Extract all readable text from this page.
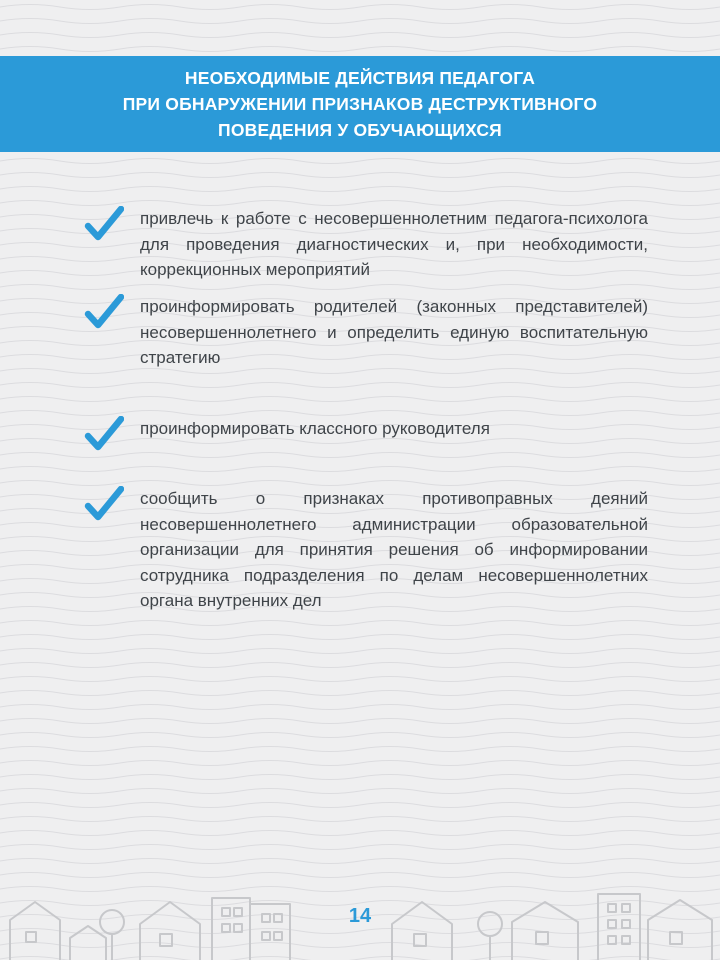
НЕОБХОДИМЫЕ ДЕЙСТВИЯ ПЕДАГОГА
ПРИ ОБНАРУЖЕНИИ ПРИЗНАКОВ ДЕСТРУКТИВНОГО
ПОВЕДЕНИЯ У ОБУЧАЮЩИХСЯ
привлечь к работе с несовершеннолетним педагога-психолога для проведения диагностических и, при необходимости, коррекционных мероприятий
проинформировать родителей (законных представителей) несовершеннолетнего и определить единую воспитательную стратегию
проинформировать классного руководителя
сообщить о признаках противоправных деяний несовершеннолетнего администрации образовательной организации для принятия решения об информировании сотрудника подразделения по делам несовершеннолетних органа внутренних дел
14
